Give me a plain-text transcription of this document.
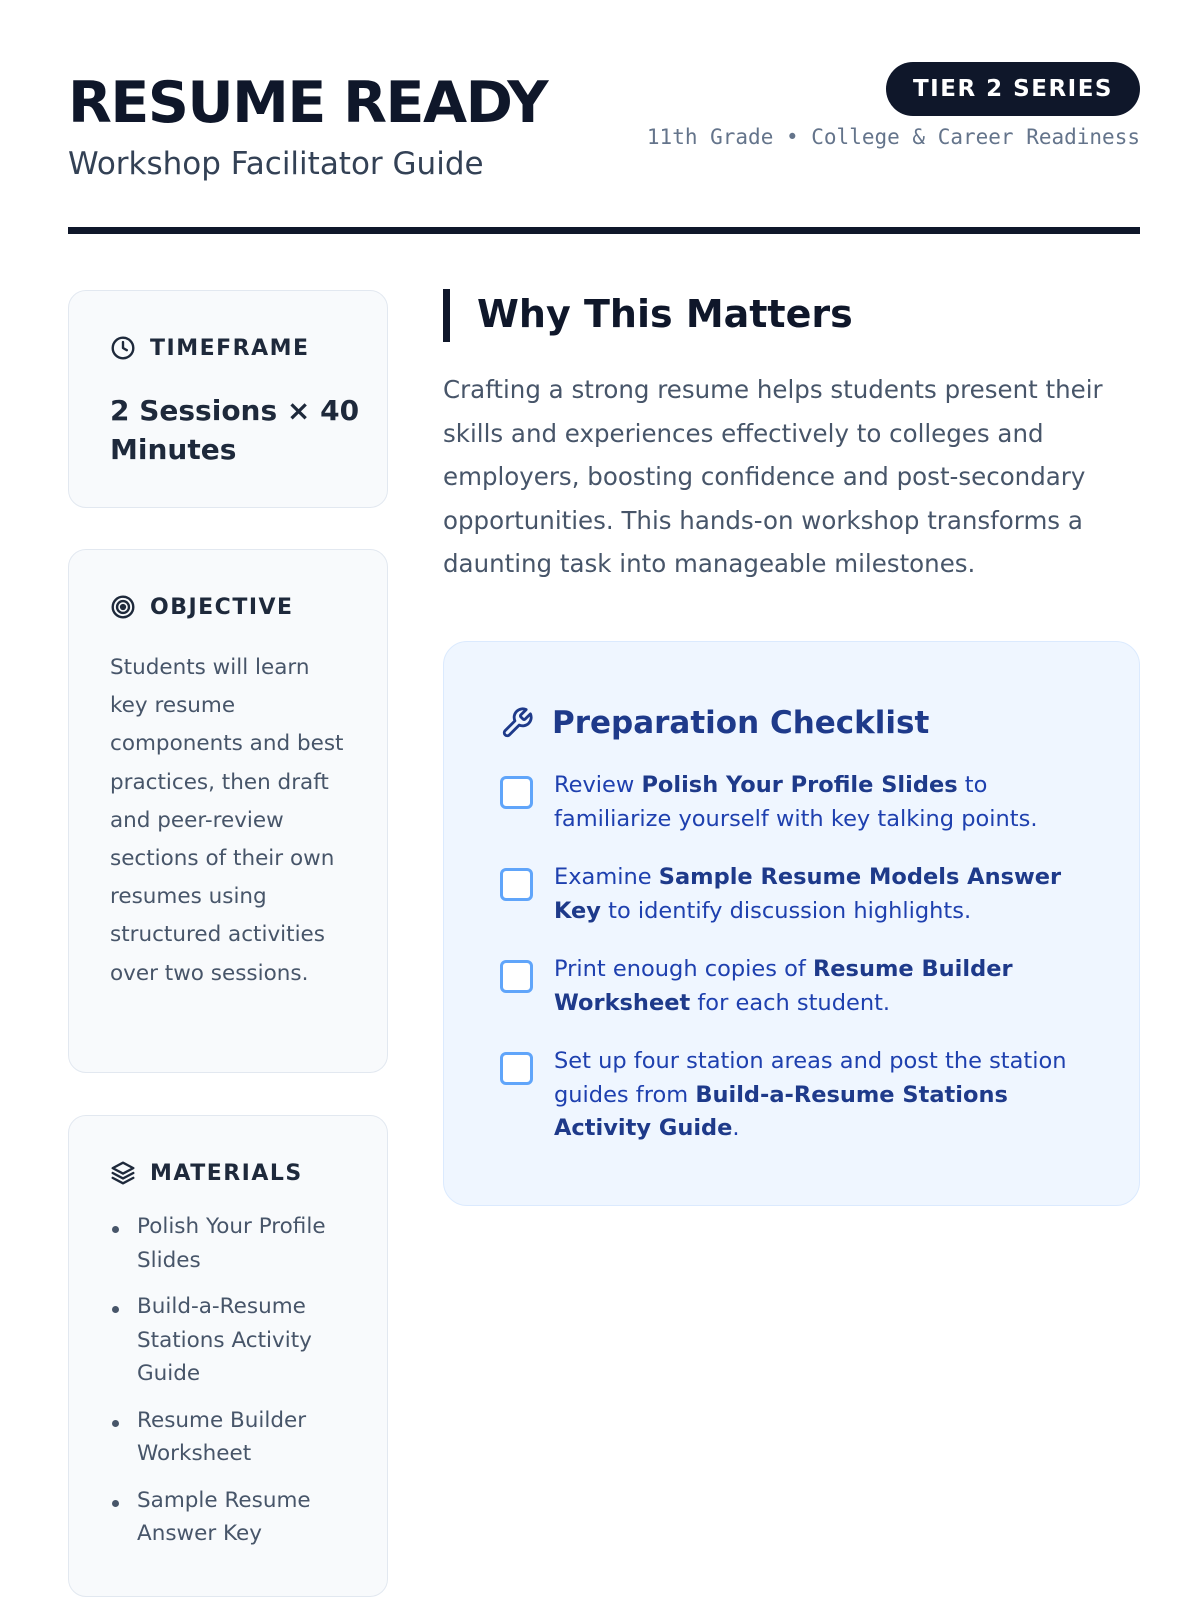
RESUME READY
Workshop Facilitator Guide
TIER 2 SERIES
11th Grade • College & Career Readiness
TIMEFRAME
2 Sessions × 40 Minutes
OBJECTIVE
Students will learn key resume components and best practices, then draft and peer-review sections of their own resumes using structured activities over two sessions.
MATERIALS
Polish Your Profile Slides
Build-a-Resume Stations Activity Guide
Resume Builder Worksheet
Sample Resume Answer Key
Why This Matters
Crafting a strong resume helps students present their skills and experiences effectively to colleges and employers, boosting confidence and post-secondary opportunities. This hands-on workshop transforms a daunting task into manageable milestones.
Preparation Checklist
Review Polish Your Profile Slides to familiarize yourself with key talking points.
Examine Sample Resume Models Answer Key to identify discussion highlights.
Print enough copies of Resume Builder Worksheet for each student.
Set up four station areas and post the station guides from Build-a-Resume Stations Activity Guide.
